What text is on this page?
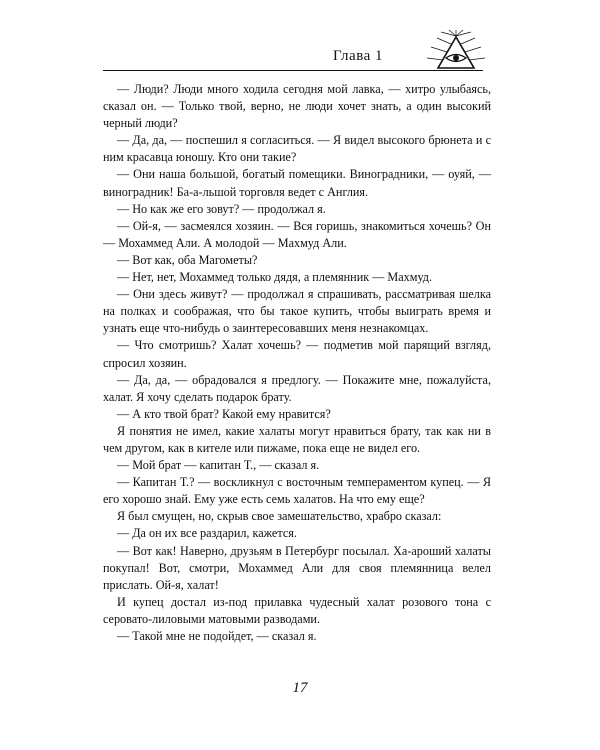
Глава 1

— Люди? Люди много ходила сегодня мой лавка, — хитро улыбаясь, сказал он. — Только твой, верно, не люди хочет знать, а один высокий черный люди?

— Да, да, — поспешил я согласиться. — Я видел высокого брюнета и с ним красавца юношу. Кто они такие?

— Они наша большой, богатый помещики. Виноградники, — оуяй, — виноградник! Ба-а-льшой торговля ведет с Англия.

— Но как же его зовут? — продолжал я.

— Ой-я, — засмеялся хозяин. — Вся горишь, знакомиться хочешь? Он — Мохаммед Али. А молодой — Махмуд Али.

— Вот как, оба Магометы?

— Нет, нет, Мохаммед только дядя, а племянник — Махмуд.

— Они здесь живут? — продолжал я спрашивать, рассматривая шелка на полках и соображая, что бы такое купить, чтобы выиграть время и узнать еще что-нибудь о заинтересовавших меня незнакомцах.

— Что смотришь? Халат хочешь? — подметив мой парящий взгляд, спросил хозяин.

— Да, да, — обрадовался я предлогу. — Покажите мне, пожалуйста, халат. Я хочу сделать подарок брату.

— А кто твой брат? Какой ему нравится?

Я понятия не имел, какие халаты могут нравиться брату, так как ни в чем другом, как в кителе или пижаме, пока еще не видел его.

— Мой брат — капитан Т., — сказал я.

— Капитан Т.? — воскликнул с восточным темпераментом купец. — Я его хорошо знай. Ему уже есть семь халатов. На что ему еще?

Я был смущен, но, скрыв свое замешательство, храбро сказал:

— Да он их все раздарил, кажется.

— Вот как! Наверно, друзьям в Петербург посылал. Ха-ароший халаты покупал! Вот, смотри, Мохаммед Али для своя племянница велел прислать. Ой-я, халат!

И купец достал из-под прилавка чудесный халат розового тона с серовато-лиловыми матовыми разводами.

— Такой мне не подойдет, — сказал я.

17
